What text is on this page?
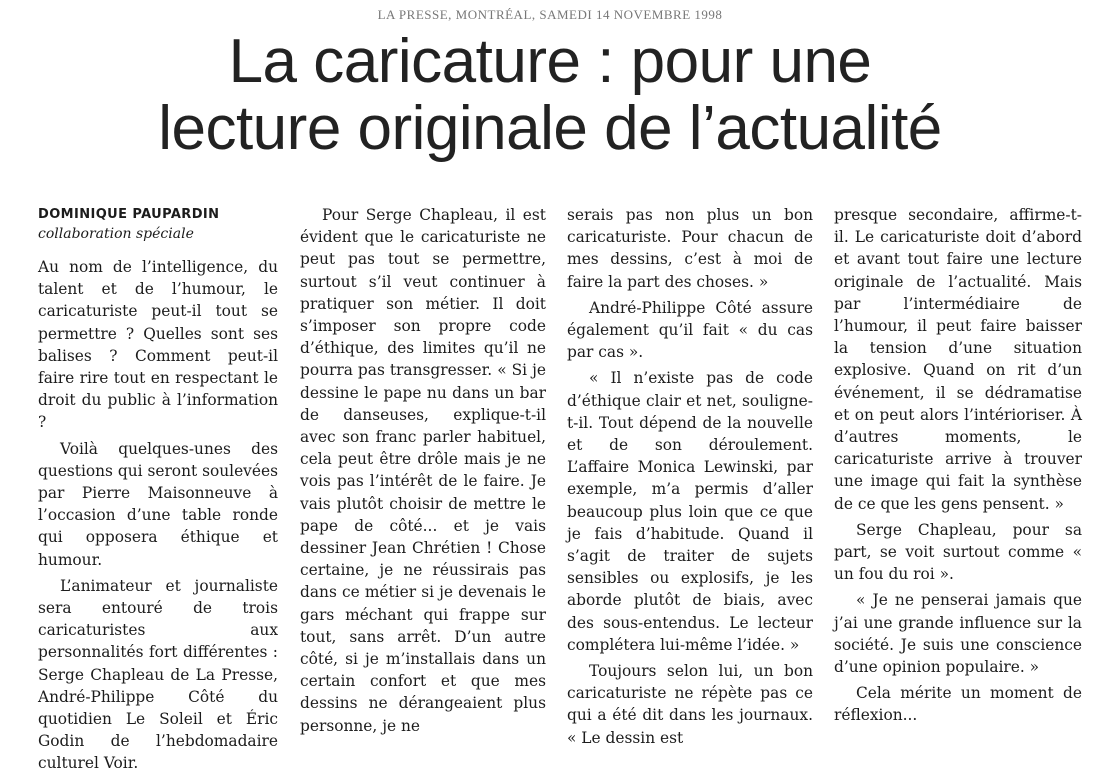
LA PRESSE, MONTRÉAL, SAMEDI 14 NOVEMBRE 1998
La caricature : pour une
lecture originale de l’actualité
DOMINIQUE PAUPARDIN
collaboration spéciale

Au nom de l’intelligence, du talent et de l’humour, le caricaturiste peut-il tout se permettre ? Quelles sont ses balises ? Comment peut-il faire rire tout en respectant le droit du public à l’information ?

Voilà quelques-unes des questions qui seront soulevées par Pierre Maisonneuve à l’occasion d’une table ronde qui opposera éthique et humour.

L’animateur et journaliste sera entouré de trois caricaturistes aux personnalités fort différentes : Serge Chapleau de La Presse, André-Philippe Côté du quotidien Le Soleil et Éric Godin de l’hebdomadaire culturel Voir.

Pour Serge Chapleau, il est évident que le caricaturiste ne peut pas tout se permettre, surtout s’il veut continuer à pratiquer son métier. Il doit s’imposer son propre code d’éthique, des limites qu’il ne pourra pas transgresser. « Si je dessine le pape nu dans un bar de danseuses, explique-t-il avec son franc parler habituel, cela peut être drôle mais je ne vois pas l’intérêt de le faire. Je vais plutôt choisir de mettre le pape de côté... et je vais dessiner Jean Chrétien ! Chose certaine, je ne réussirais pas dans ce métier si je devenais le gars méchant qui frappe sur tout, sans arrêt. D’un autre côté, si je m’installais dans un certain confort et que mes dessins ne dérangeaient plus personne, je ne

serais pas non plus un bon caricaturiste. Pour chacun de mes dessins, c’est à moi de faire la part des choses. »

André-Philippe Côté assure également qu’il fait « du cas par cas ».

« Il n’existe pas de code d’éthique clair et net, souligne-t-il. Tout dépend de la nouvelle et de son déroulement. L’affaire Monica Lewinski, par exemple, m’a permis d’aller beaucoup plus loin que ce que je fais d’habitude. Quand il s’agit de traiter de sujets sensibles ou explosifs, je les aborde plutôt de biais, avec des sous-entendus. Le lecteur complétera lui-même l’idée. »

Toujours selon lui, un bon caricaturiste ne répète pas ce qui a été dit dans les journaux. « Le dessin est

presque secondaire, affirme-t-il. Le caricaturiste doit d’abord et avant tout faire une lecture originale de l’actualité. Mais par l’intermédiaire de l’humour, il peut faire baisser la tension d’une situation explosive. Quand on rit d’un événement, il se dédramatise et on peut alors l’intérioriser. À d’autres moments, le caricaturiste arrive à trouver une image qui fait la synthèse de ce que les gens pensent. »

Serge Chapleau, pour sa part, se voit surtout comme « un fou du roi ».

« Je ne penserai jamais que j’ai une grande influence sur la société. Je suis une conscience d’une opinion populaire. »

Cela mérite un moment de réflexion...
